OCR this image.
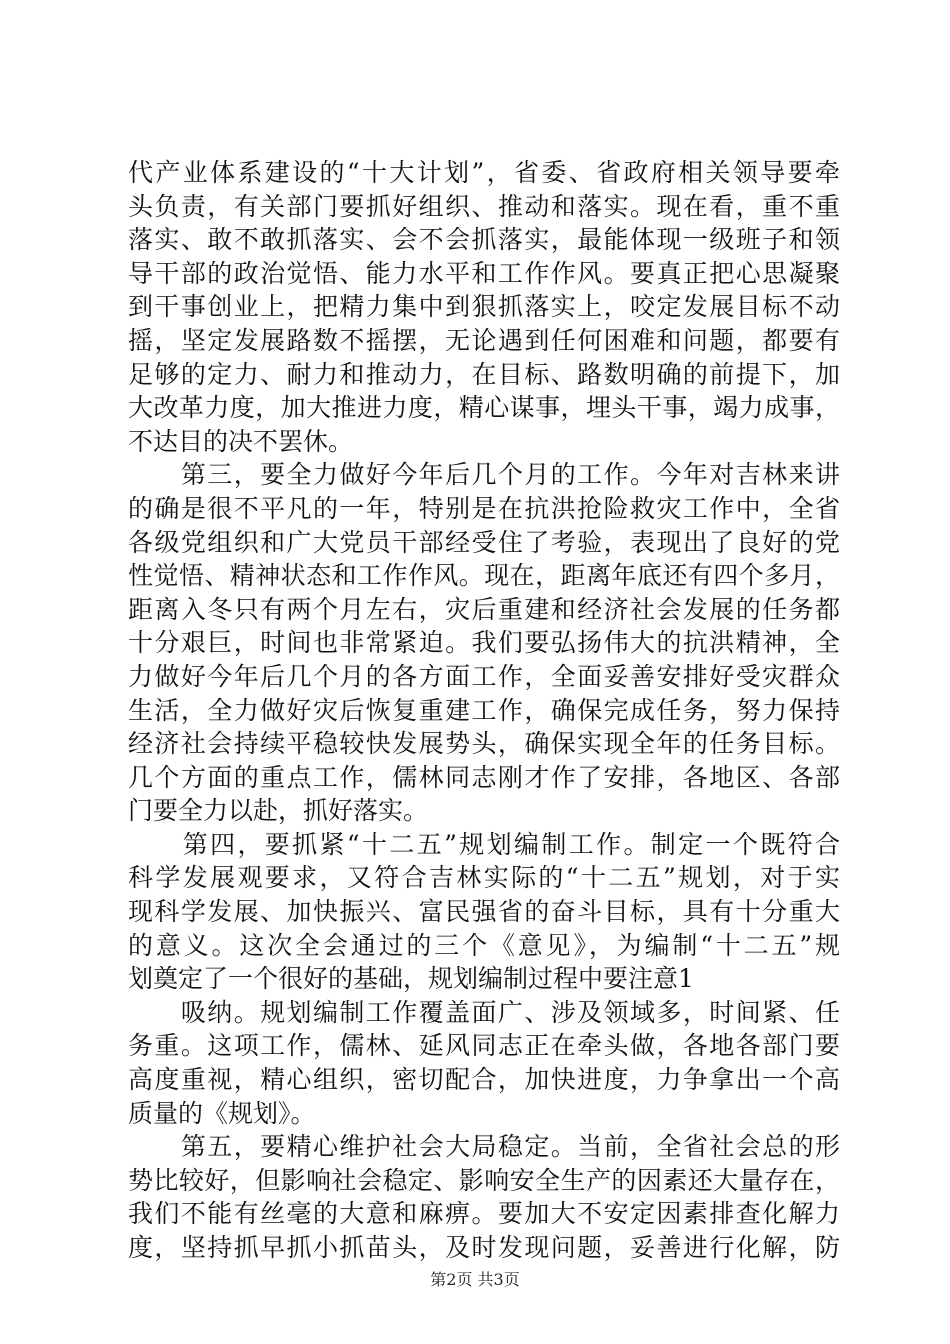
代产业体系建设的“十大计划”，省委、省政府相关领导要牵
头负责，有关部门要抓好组织、推动和落实。现在看，重不重
落实、敢不敢抓落实、会不会抓落实，最能体现一级班子和领
导干部的政治觉悟、能力水平和工作作风。要真正把心思凝聚
到干事创业上，把精力集中到狠抓落实上，咬定发展目标不动
摇，坚定发展路数不摇摆，无论遇到任何困难和问题，都要有
足够的定力、耐力和推动力，在目标、路数明确的前提下，加
大改革力度，加大推进力度，精心谋事，埋头干事，竭力成事，
不达目的决不罢休。
　　第三，要全力做好今年后几个月的工作。今年对吉林来讲
的确是很不平凡的一年，特别是在抗洪抢险救灾工作中，全省
各级党组织和广大党员干部经受住了考验，表现出了良好的党
性觉悟、精神状态和工作作风。现在，距离年底还有四个多月，
距离入冬只有两个月左右，灾后重建和经济社会发展的任务都
十分艰巨，时间也非常紧迫。我们要弘扬伟大的抗洪精神，全
力做好今年后几个月的各方面工作，全面妥善安排好受灾群众
生活，全力做好灾后恢复重建工作，确保完成任务，努力保持
经济社会持续平稳较快发展势头，确保实现全年的任务目标。
几个方面的重点工作，儒林同志刚才作了安排，各地区、各部
门要全力以赴，抓好落实。
　　第四，要抓紧“十二五”规划编制工作。制定一个既符合
科学发展观要求，又符合吉林实际的“十二五”规划，对于实
现科学发展、加快振兴、富民强省的奋斗目标，具有十分重大
的意义。这次全会通过的三个《意见》，为编制“十二五”规
划奠定了一个很好的基础，规划编制过程中要注意1
　　吸纳。规划编制工作覆盖面广、涉及领域多，时间紧、任
务重。这项工作，儒林、延风同志正在牵头做，各地各部门要
高度重视，精心组织，密切配合，加快进度，力争拿出一个高
质量的《规划》。
　　第五，要精心维护社会大局稳定。当前，全省社会总的形
势比较好，但影响社会稳定、影响安全生产的因素还大量存在，
我们不能有丝毫的大意和麻痹。要加大不安定因素排查化解力
度，坚持抓早抓小抓苗头，及时发现问题，妥善进行化解，防
第2页 共3页
